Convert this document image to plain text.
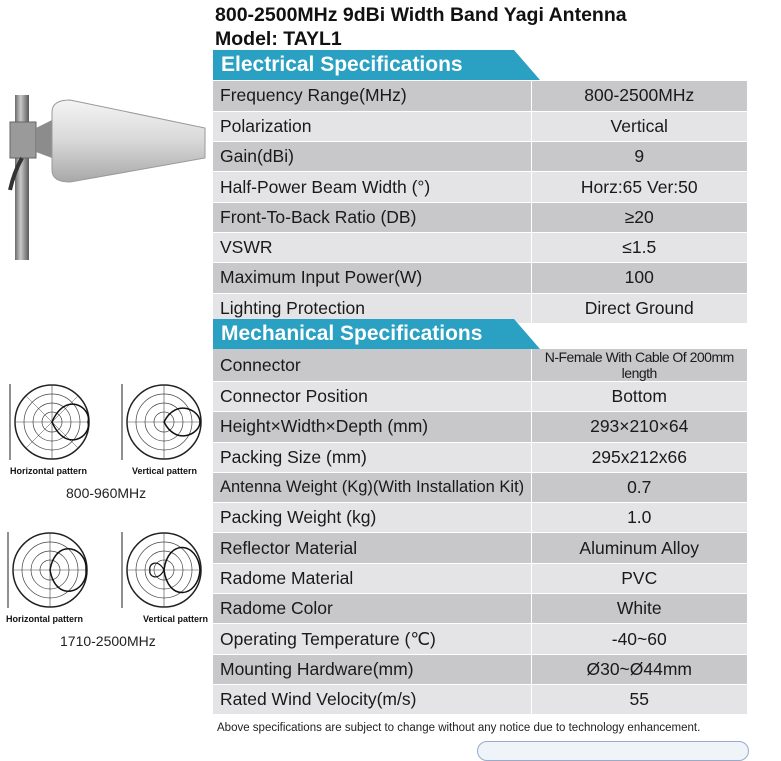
800-2500MHz 9dBi Width Band Yagi Antenna
Model: TAYL1
Horizontal pattern	Vertical pattern
800-960MHz
Horizontal pattern	Vertical pattern
1710-2500MHz
Electrical Specifications
Frequency Range(MHz)	800-2500MHz
Polarization	Vertical
Gain(dBi)	9
Half-Power Beam Width (°)	Horz:65 Ver:50
Front-To-Back Ratio (DB)	≥20
VSWR	≤1.5
Maximum Input Power(W)	100
Lighting Protection	Direct Ground
Mechanical Specifications
Connector	N-Female With Cable Of 200mm length
Connector Position	Bottom
Height×Width×Depth (mm)	293×210×64
Packing Size (mm)	295x212x66
Antenna Weight (Kg)(With Installation Kit)	0.7
Packing Weight (kg)	1.0
Reflector Material	Aluminum Alloy
Radome Material	PVC
Radome Color	White
Operating Temperature (℃)	-40~60
Mounting Hardware(mm)	Ø30~Ø44mm
Rated Wind Velocity(m/s)	55
Above specifications are subject to change without any notice due to technology enhancement.
